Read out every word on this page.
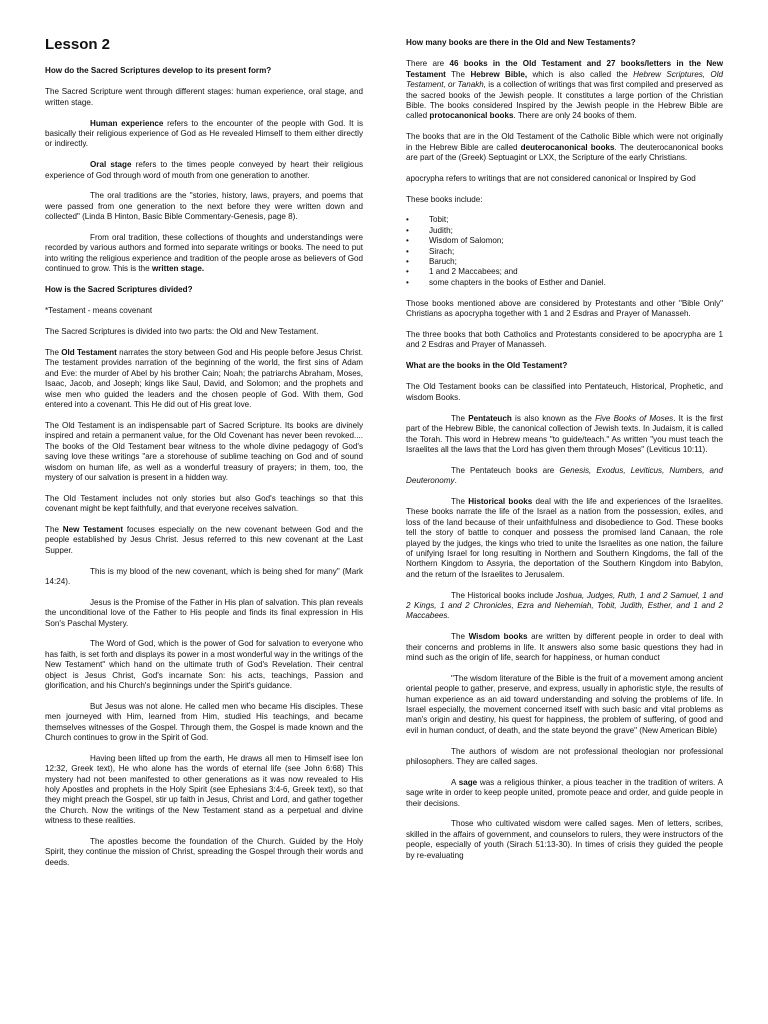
Lesson 2
How do the Sacred Scriptures develop to its present form?

The Sacred Scripture went through different stages: human experience, oral stage, and written stage.

Human experience refers to the encounter of the people with God. It is basically their religious experience of God as He revealed Himself to them either directly or indirectly.

Oral stage refers to the times people conveyed by heart their religious experience of God through word of mouth from one generation to another.

The oral traditions are the "stories, history, laws, prayers, and poems that were passed from one generation to the next before they were written down and collected" (Linda B Hinton, Basic Bible Commentary-Genesis, page 8).

From oral tradition, these collections of thoughts and understandings were recorded by various authors and formed into separate writings or books. The need to put into writing the religious experience and tradition of the people arose as believers of God continued to grow. This is the written stage.

How is the Sacred Scriptures divided?

*Testament - means covenant

The Sacred Scriptures is divided into two parts: the Old and New Testament.

The Old Testament narrates the story between God and His people before Jesus Christ. The testament provides narration of the beginning of the world, the first sins of Adam and Eve: the murder of Abel by his brother Cain; Noah; the patriarchs Abraham, Moses, Isaac, Jacob, and Joseph; kings like Saul, David, and Solomon; and the prophets and wise men who guided the leaders and the chosen people of God. With them, God entered into a covenant. This He did out of His great love.

The Old Testament is an indispensable part of Sacred Scripture. Its books are divinely inspired and retain a permanent value, for the Old Covenant has never been revoked.... The books of the Old Testament bear witness to the whole divine pedagogy of God's saving love these writings "are a storehouse of sublime teaching on God and of sound wisdom on human life, as well as a wonderful treasury of prayers; in them, too, the mystery of our salvation is present in a hidden way.

The Old Testament includes not only stories but also God's teachings so that this covenant might be kept faithfully, and that everyone receives salvation.

The New Testament focuses especially on the new covenant between God and the people established by Jesus Christ. Jesus referred to this new covenant at the Last Supper.

This is my blood of the new covenant, which is being shed for many" (Mark 14:24).

Jesus is the Promise of the Father in His plan of salvation. This plan reveals the unconditional love of the Father to His people and finds its final expression in His Son's Paschal Mystery.

The Word of God, which is the power of God for salvation to everyone who has faith, is set forth and displays its power in a most wonderful way in the writings of the New Testament" which hand on the ultimate truth of God's Revelation. Their central object is Jesus Christ, God's incarnate Son: his acts, teachings, Passion and glorification, and his Church's beginnings under the Spirit's guidance.

But Jesus was not alone. He called men who became His disciples. These men journeyed with Him, learned from Him, studied His teachings, and became themselves witnesses of the Gospel. Through them, the Gospel is made known and the Church continues to grow in the Spirit of God.

Having been lifted up from the earth, He draws all men to Himself isee Ion 12:32, Greek text), He who alone has the words of eternal life (see John 6:68) This mystery had not been manifested to other generations as it was now revealed to His holy Apostles and prophets in the Holy Spirit (see Ephesians 3:4-6, Greek text), so that they might preach the Gospel, stir up faith in Jesus, Christ and Lord, and gather together the Church. Now the writings of the New Testament stand as a perpetual and divine witness to these realities.

The apostles become the foundation of the Church. Guided by the Holy Spirit, they continue the mission of Christ, spreading the Gospel through their words and deeds.

How many books are there in the Old and New Testaments?

There are 46 books in the Old Testament and 27 books/letters in the New Testament The Hebrew Bible, which is also called the Hebrew Scriptures, Old Testament, or Tanakh, is a collection of writings that was first compiled and preserved as the sacred books of the Jewish people. It constitutes a large portion of the Christian Bible. The books considered Inspired by the Jewish people in the Hebrew Bible are called protocanonical books. There are only 24 books of them.

The books that are in the Old Testament of the Catholic Bible which were not originally in the Hebrew Bible are called deuterocanonical books. The deuterocanonical books are part of the (Greek) Septuagint or LXX, the Scripture of the early Christians.

apocrypha refers to writings that are not considered canonical or Inspired by God

These books include:

• Tobit;
• Judith;
• Wisdom of Salomon;
• Sirach;
• Baruch;
• 1 and 2 Maccabees; and
• some chapters in the books of Esther and Daniel.

Those books mentioned above are considered by Protestants and other "Bible Only" Christians as apocrypha together with 1 and 2 Esdras and Prayer of Manasseh.

The three books that both Catholics and Protestants considered to be apocrypha are 1 and 2 Esdras and Prayer of Manasseh.

What are the books in the Old Testament?

The Old Testament books can be classified into Pentateuch, Historical, Prophetic, and wisdom Books.

The Pentateuch is also known as the Five Books of Moses. It is the first part of the Hebrew Bible, the canonical collection of Jewish texts. In Judaism, it is called the Torah. This word in Hebrew means "to guide/teach." As written "you must teach the Israelites all the laws that the Lord has given them through Moses" (Leviticus 10:11).

The Pentateuch books are Genesis, Exodus, Leviticus, Numbers, and Deuteronomy.

The Historical books deal with the life and experiences of the Israelites. These books narrate the life of the Israel as a nation from the possession, exiles, and loss of the land because of their unfaithfulness and disobedience to God. These books tell the story of battle to conquer and possess the promised land Canaan, the role played by the judges, the kings who tried to unite the Israelites as one nation, the failure of unifying Israel for long resulting in Northern and Southern Kingdoms, the fall of the Northern Kingdom to Assyria, the deportation of the Southern Kingdom into Babylon, and the return of the Israelites to Jerusalem.

The Historical books include Joshua, Judges, Ruth, 1 and 2 Samuel, 1 and 2 Kings, 1 and 2 Chronicles, Ezra and Nehemiah, Tobit, Judith, Esther, and 1 and 2 Maccabees.

The Wisdom books are written by different people in order to deal with their concerns and problems in life. It answers also some basic questions they had in mind such as the origin of life, search for happiness, or human conduct

"The wisdom literature of the Bible is the fruit of a movement among ancient oriental people to gather, preserve, and express, usually in aphoristic style, the results of human experience as an aid toward understanding and solving the problems of life. In Israel especially, the movement concerned itself with such basic and vital problems as man's origin and destiny, his quest for happiness, the problem of suffering, of good and evil in human conduct, of death, and the state beyond the grave" (New American Bible)

The authors of wisdom are not professional theologian nor professional philosophers. They are called sages.

A sage was a religious thinker, a pious teacher in the tradition of writers. A sage write in order to keep people united, promote peace and order, and guide people in their decisions.

Those who cultivated wisdom were called sages. Men of letters, scribes, skilled in the affairs of government, and counselors to rulers, they were instructors of the people, especially of youth (Sirach 51:13-30). In times of crisis they guided the people by re-evaluating
